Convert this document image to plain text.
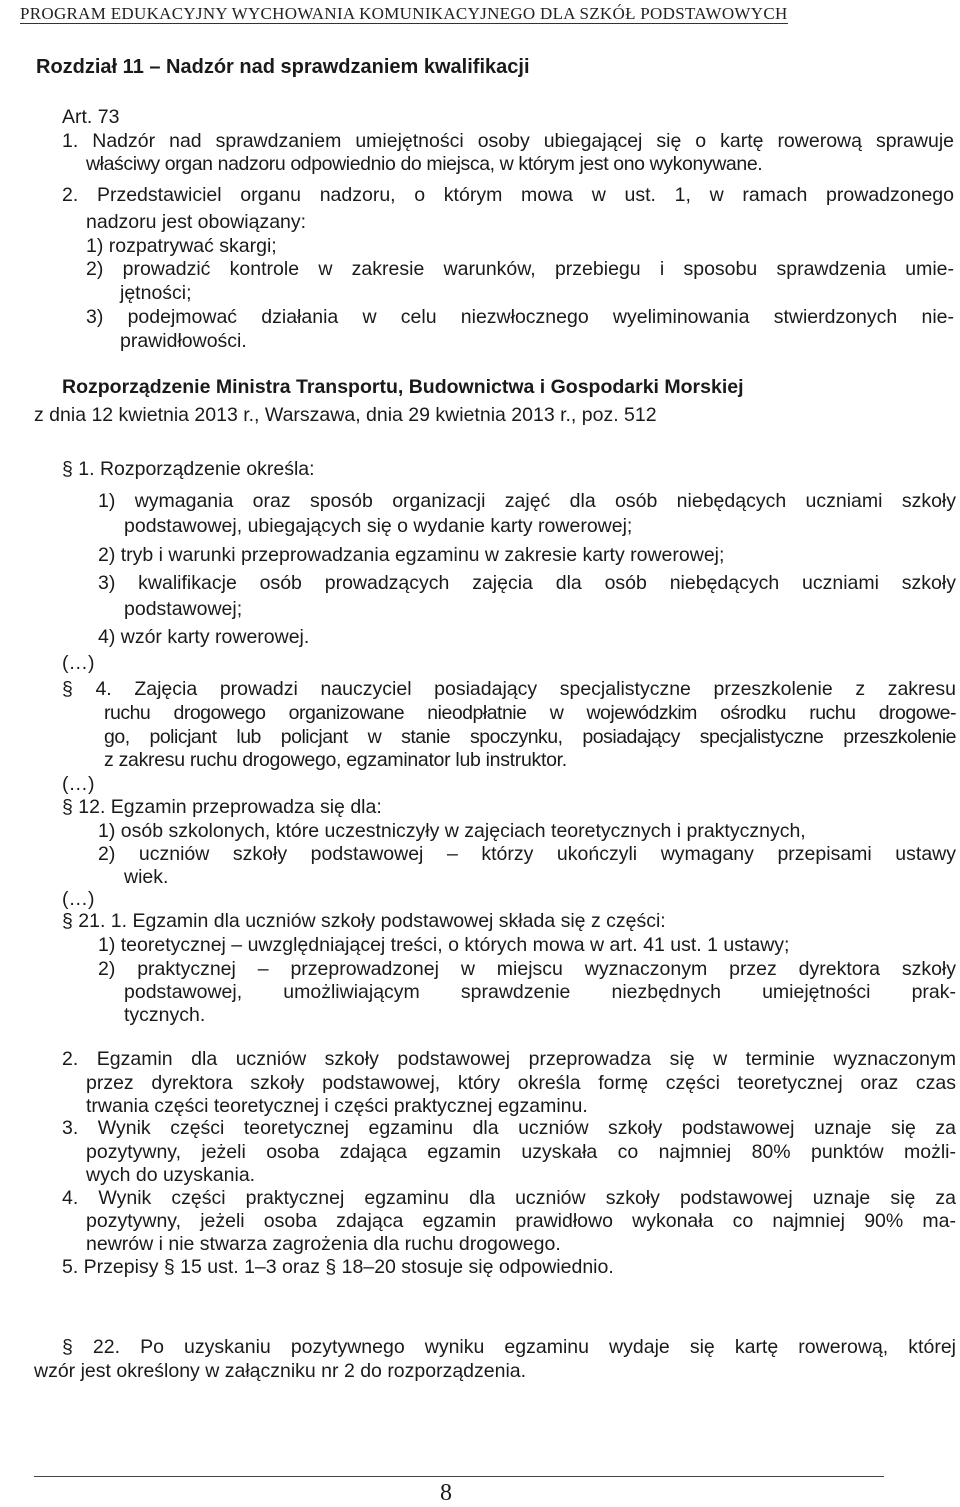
PROGRAM EDUKACYJNY WYCHOWANIA KOMUNIKACYJNEGO DLA SZKÓŁ PODSTAWOWYCH
Rozdział 11 – Nadzór nad sprawdzaniem kwalifikacji
Art. 73
1. Nadzór nad sprawdzaniem umiejętności osoby ubiegającej się o kartę rowerową sprawuje
właściwy organ nadzoru odpowiednio do miejsca, w którym jest ono wykonywane.
2. Przedstawiciel organu nadzoru, o którym mowa w ust. 1, w ramach prowadzonego
nadzoru jest obowiązany:
1) rozpatrywać skargi;
2) prowadzić kontrole w zakresie warunków, przebiegu i sposobu sprawdzenia umie-
jętności;
3) podejmować działania w celu niezwłocznego wyeliminowania stwierdzonych nie-
prawidłowości.
Rozporządzenie Ministra Transportu, Budownictwa i Gospodarki Morskiej
z dnia 12 kwietnia 2013 r., Warszawa, dnia 29 kwietnia 2013 r., poz. 512
§ 1. Rozporządzenie określa:
1) wymagania oraz sposób organizacji zajęć dla osób niebędących uczniami szkoły
podstawowej, ubiegających się o wydanie karty rowerowej;
2) tryb i warunki przeprowadzania egzaminu w zakresie karty rowerowej;
3) kwalifikacje osób prowadzących zajęcia dla osób niebędących uczniami szkoły
podstawowej;
4) wzór karty rowerowej.
(…)
§ 4. Zajęcia prowadzi nauczyciel posiadający specjalistyczne przeszkolenie z zakresu
ruchu drogowego organizowane nieodpłatnie w wojewódzkim ośrodku ruchu drogowe-
go, policjant lub policjant w stanie spoczynku, posiadający specjalistyczne przeszkolenie
z zakresu ruchu drogowego, egzaminator lub instruktor.
(…)
§ 12. Egzamin przeprowadza się dla:
1) osób szkolonych, które uczestniczyły w zajęciach teoretycznych i praktycznych,
2) uczniów szkoły podstawowej – którzy ukończyli wymagany przepisami ustawy
wiek.
(…)
§ 21. 1. Egzamin dla uczniów szkoły podstawowej składa się z części:
1) teoretycznej – uwzględniającej treści, o których mowa w art. 41 ust. 1 ustawy;
2) praktycznej – przeprowadzonej w miejscu wyznaczonym przez dyrektora szkoły
podstawowej, umożliwiającym sprawdzenie niezbędnych umiejętności prak-
tycznych.
2. Egzamin dla uczniów szkoły podstawowej przeprowadza się w terminie wyznaczonym
przez dyrektora szkoły podstawowej, który określa formę części teoretycznej oraz czas
trwania części teoretycznej i części praktycznej egzaminu.
3. Wynik części teoretycznej egzaminu dla uczniów szkoły podstawowej uznaje się za
pozytywny, jeżeli osoba zdająca egzamin uzyskała co najmniej 80% punktów możli-
wych do uzyskania.
4. Wynik części praktycznej egzaminu dla uczniów szkoły podstawowej uznaje się za
pozytywny, jeżeli osoba zdająca egzamin prawidłowo wykonała co najmniej 90% ma-
newrów i nie stwarza zagrożenia dla ruchu drogowego.
5. Przepisy § 15 ust. 1–3 oraz § 18–20 stosuje się odpowiednio.
§ 22. Po uzyskaniu pozytywnego wyniku egzaminu wydaje się kartę rowerową, której
wzór jest określony w załączniku nr 2 do rozporządzenia.
8
